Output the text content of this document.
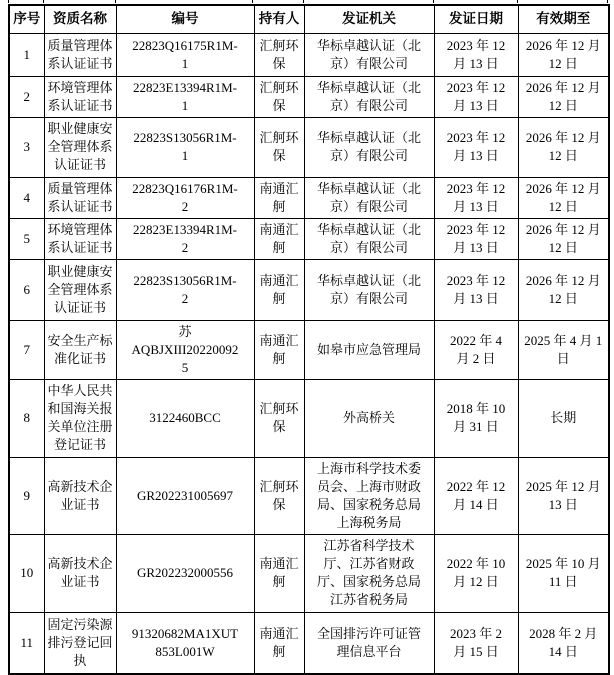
序号	资质名称	编号	持有人	发证机关	发证日期	有效期至
1	质量管理体系认证证书	22823Q16175R1M-1	汇舸环保	华标卓越认证（北京）有限公司	2023 年 12 月 13 日	2026 年 12 月 12 日
2	环境管理体系认证证书	22823E13394R1M-1	汇舸环保	华标卓越认证（北京）有限公司	2023 年 12 月 13 日	2026 年 12 月 12 日
3	职业健康安全管理体系认证证书	22823S13056R1M-1	汇舸环保	华标卓越认证（北京）有限公司	2023 年 12 月 13 日	2026 年 12 月 12 日
4	质量管理体系认证证书	22823Q16176R1M-2	南通汇舸	华标卓越认证（北京）有限公司	2023 年 12 月 13 日	2026 年 12 月 12 日
5	环境管理体系认证证书	22823E13394R1M-2	南通汇舸	华标卓越认证（北京）有限公司	2023 年 12 月 13 日	2026 年 12 月 12 日
6	职业健康安全管理体系认证证书	22823S13056R1M-2	南通汇舸	华标卓越认证（北京）有限公司	2023 年 12 月 13 日	2026 年 12 月 12 日
7	安全生产标准化证书	苏 AQBJXIII202200925	南通汇舸	如皋市应急管理局	2022 年 4 月 2 日	2025 年 4 月 1 日
8	中华人民共和国海关报关单位注册登记证书	3122460BCC	汇舸环保	外高桥关	2018 年 10 月 31 日	长期
9	高新技术企业证书	GR202231005697	汇舸环保	上海市科学技术委员会、上海市财政局、国家税务总局上海税务局	2022 年 12 月 14 日	2025 年 12 月 13 日
10	高新技术企业证书	GR202232000556	南通汇舸	江苏省科学技术厅、江苏省财政厅、国家税务总局江苏省税务局	2022 年 10 月 12 日	2025 年 10 月 11 日
11	固定污染源排污登记回执	91320682MA1XUT853L001W	南通汇舸	全国排污许可证管理信息平台	2023 年 2 月 15 日	2028 年 2 月 14 日
